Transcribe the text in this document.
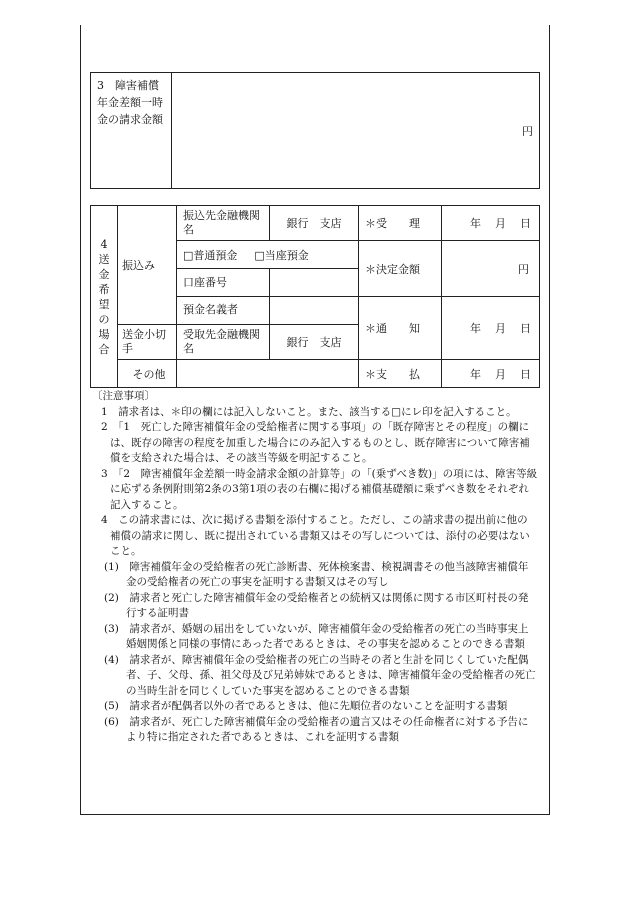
3　障害補償年金差額一時金の請求金額	円
4送金希望の場合	振込み	振込先金融機関名	銀行　支店	＊受　　理	年 月 日

		□普通預金 □当座預金		＊決定金額	円
		口座番号			
		預金名義者		＊通　　知	年 月 日

	送金小切手	受取先金融機関名	銀行　支店		
	その他			＊支　　払	年 月 日

〔注意事項〕

1　請求者は、＊印の欄には記入しないこと。また、該当する□にレ印を記入すること。

2　「1　死亡した障害補償年金の受給権者に関する事項」の「既存障害とその程度」の欄には、既存の障害の程度を加重した場合にのみ記入するものとし、既存障害について障害補償を支給された場合は、その該当等級を明記すること。

3　「2　障害補償年金差額一時金請求金額の計算等」の「(乗ずべき数)」の項には、障害等級に応ずる条例附則第2条の3第1項の表の右欄に掲げる補償基礎額に乗ずべき数をそれぞれ記入すること。

4　この請求書には、次に掲げる書類を添付すること。ただし、この請求書の提出前に他の補償の請求に関し、既に提出されている書類又はその写しについては、添付の必要はないこと。

(1)　障害補償年金の受給権者の死亡診断書、死体検案書、検視調書その他当該障害補償年金の受給権者の死亡の事実を証明する書類又はその写し

(2)　請求者と死亡した障害補償年金の受給権者との続柄又は関係に関する市区町村長の発行する証明書

(3)　請求者が、婚姻の届出をしていないが、障害補償年金の受給権者の死亡の当時事実上婚姻関係と同様の事情にあった者であるときは、その事実を認めることのできる書類

(4)　請求者が、障害補償年金の受給権者の死亡の当時その者と生計を同じくしていた配偶者、子、父母、孫、祖父母及び兄弟姉妹であるときは、障害補償年金の受給権者の死亡の当時生計を同じくしていた事実を認めることのできる書類

(5)　請求者が配偶者以外の者であるときは、他に先順位者のないことを証明する書類

(6)　請求者が、死亡した障害補償年金の受給権者の遺言又はその任命権者に対する予告により特に指定された者であるときは、これを証明する書類
